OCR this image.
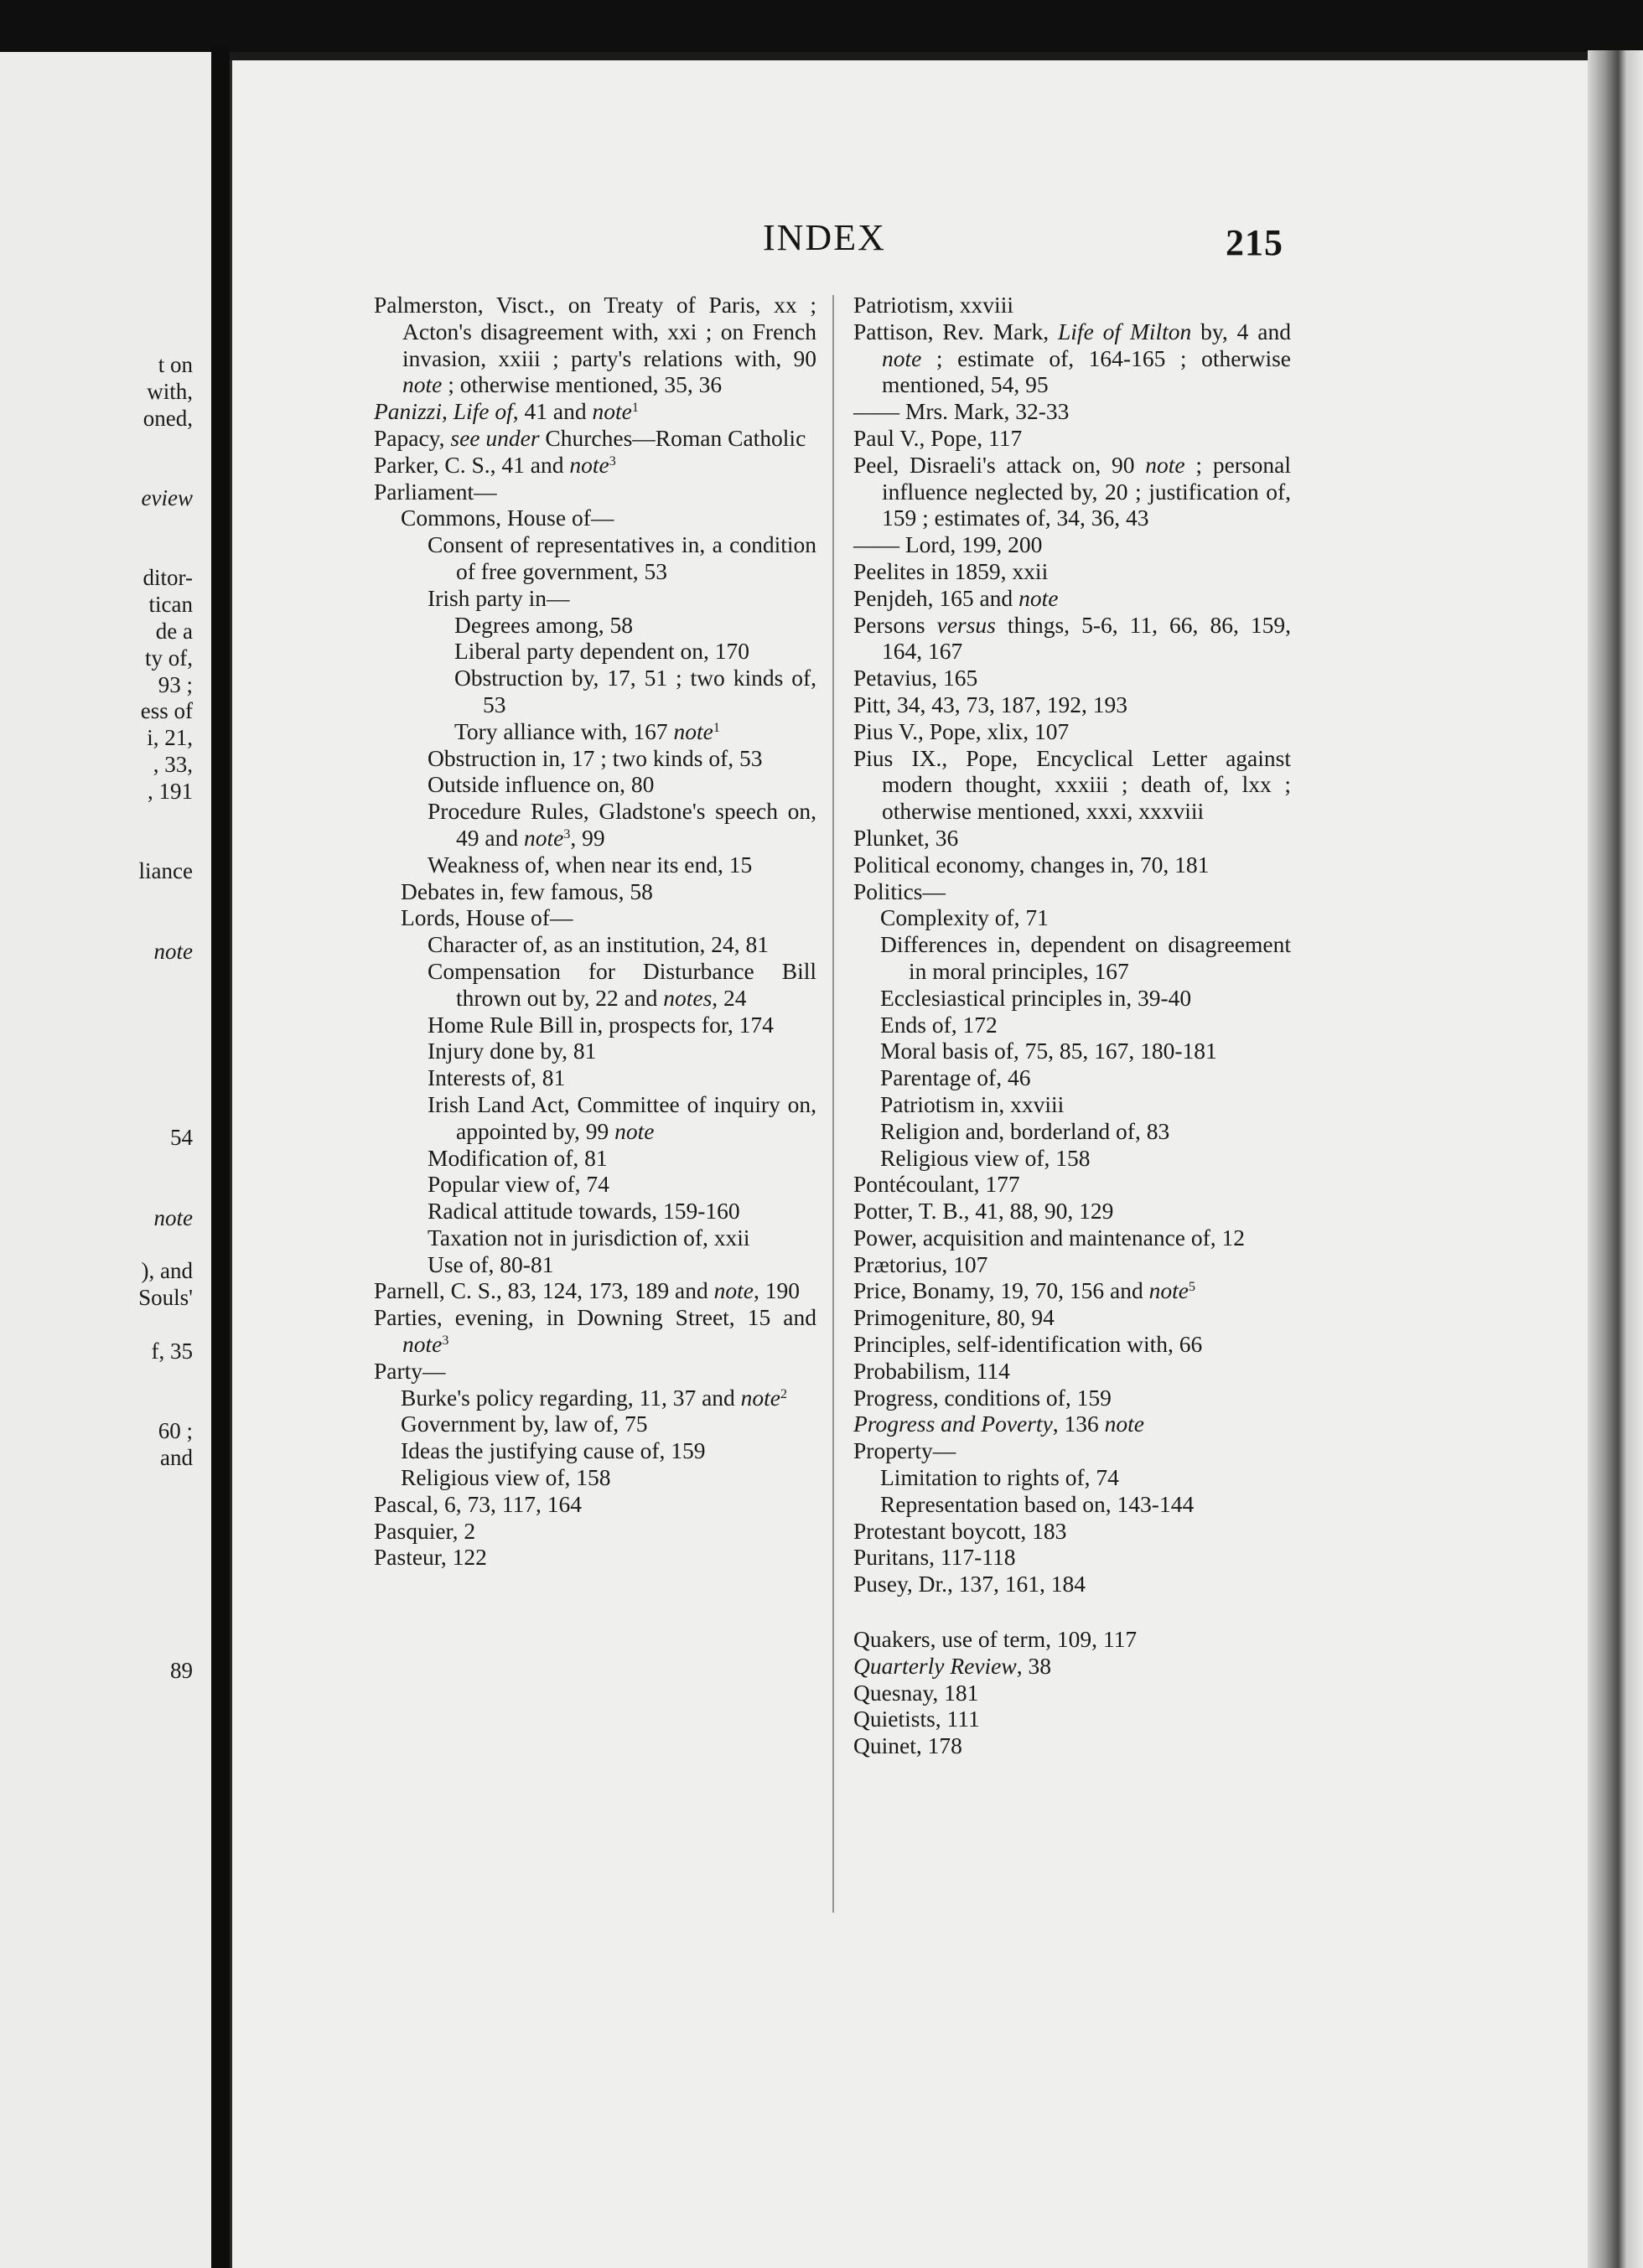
t on
with,
oned,
eview
ditor-
tican
de a
ty of,
93 ;
ess of
i, 21,
, 33,
, 191
liance
note
54
note
), and
Souls'
f, 35
60 ;
and
89
INDEX	215
Palmerston, Visct., on Treaty of Paris, xx ; Acton's disagreement with, xxi ; on French invasion, xxiii ; party's relations with, 90 note ; otherwise mentioned, 35, 36
Panizzi, Life of, 41 and note$^1$
Papacy, see under Churches—Roman Catholic
Parker, C. S., 41 and note$^3$
Parliament—
Commons, House of—
Consent of representatives in, a condition of free government, 53
Irish party in—
Degrees among, 58
Liberal party dependent on, 170
Obstruction by, 17, 51 ; two kinds of, 53
Tory alliance with, 167 note$^1$
Obstruction in, 17 ; two kinds of, 53
Outside influence on, 80
Procedure Rules, Gladstone's speech on, 49 and note$^3$, 99
Weakness of, when near its end, 15
Debates in, few famous, 58
Lords, House of—
Character of, as an institution, 24, 81
Compensation for Disturbance Bill thrown out by, 22 and notes, 24
Home Rule Bill in, prospects for, 174
Injury done by, 81
Interests of, 81
Irish Land Act, Committee of inquiry on, appointed by, 99 note
Modification of, 81
Popular view of, 74
Radical attitude towards, 159-160
Taxation not in jurisdiction of, xxii
Use of, 80-81
Parnell, C. S., 83, 124, 173, 189 and note, 190
Parties, evening, in Downing Street, 15 and note$^3$
Party—
Burke's policy regarding, 11, 37 and note$^2$
Government by, law of, 75
Ideas the justifying cause of, 159
Religious view of, 158
Pascal, 6, 73, 117, 164
Pasquier, 2
Pasteur, 122
Patriotism, xxviii
Pattison, Rev. Mark, Life of Milton by, 4 and note ; estimate of, 164-165 ; otherwise mentioned, 54, 95
—— Mrs. Mark, 32-33
Paul V., Pope, 117
Peel, Disraeli's attack on, 90 note ; personal influence neglected by, 20 ; justification of, 159 ; estimates of, 34, 36, 43
—— Lord, 199, 200
Peelites in 1859, xxii
Penjdeh, 165 and note
Persons versus things, 5-6, 11, 66, 86, 159, 164, 167
Petavius, 165
Pitt, 34, 43, 73, 187, 192, 193
Pius V., Pope, xlix, 107
Pius IX., Pope, Encyclical Letter against modern thought, xxxiii ; death of, lxx ; otherwise mentioned, xxxi, xxxviii
Plunket, 36
Political economy, changes in, 70, 181
Politics—
Complexity of, 71
Differences in, dependent on disagreement in moral principles, 167
Ecclesiastical principles in, 39-40
Ends of, 172
Moral basis of, 75, 85, 167, 180-181
Parentage of, 46
Patriotism in, xxviii
Religion and, borderland of, 83
Religious view of, 158
Pontécoulant, 177
Potter, T. B., 41, 88, 90, 129
Power, acquisition and maintenance of, 12
Prætorius, 107
Price, Bonamy, 19, 70, 156 and note$^5$
Primogeniture, 80, 94
Principles, self-identification with, 66
Probabilism, 114
Progress, conditions of, 159
Progress and Poverty, 136 note
Property—
Limitation to rights of, 74
Representation based on, 143-144
Protestant boycott, 183
Puritans, 117-118
Pusey, Dr., 137, 161, 184
Quakers, use of term, 109, 117
Quarterly Review, 38
Quesnay, 181
Quietists, 111
Quinet, 178
